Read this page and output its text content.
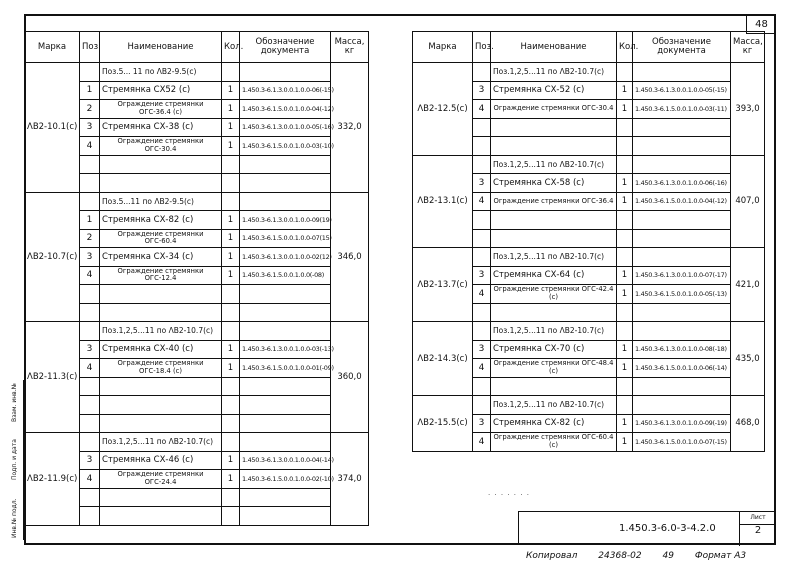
48
Марка	Поз.	Наименование	Кол.	Обозначение документа	Масса, кг
ΛВ2-10.1(с)		Поз.5... 11 по ΛВ2-9.5(с)			332,0
	1	Стремянка СХ52 (с)	1	1.450.3-6.1.3.0.0.1.0.0-06(-15)	
	2	Ограждение стремянки ОГС-36.4 (с)	1	1.450.3-6.1.5.0.0.1.0.0-04(-12)	
	3	Стремянка СХ-38 (с)	1	1.450.3-6.1.3.0.0.1.0.0-05(-16)	
	4	Ограждение стремянки ОГС-30.4	1	1.450.3-6.1.5.0.0.1.0.0-03(-10)	

ΛВ2-10.7(с)		Поз.5...11 по ΛВ2-9.5(с)			346,0
	1	Стремянка СХ-82 (с)	1	1.450.3-6.1.3.0.0.1.0.0-09(19)	
	2	Ограждение стремянки ОГС-60.4	1	1.450.3-6.1.5.0.0.1.0.0-07(15)	
	3	Стремянка СХ-34 (с)	1	1.450.3-6.1.3.0.0.1.0.0-02(12)	
	4	Ограждение стремянки ОГС-12.4	1	1.450.3-6.1.5.0.0.1.0.0(-08)	

ΛВ2-11.3(с)		Поз.1,2,5...11 по ΛВ2-10.7(с)			360,0
	3	Стремянка СХ-40 (с)	1	1.450.3-6.1.3.0.0.1.0.0-03(-13)	
	4	Ограждение стремянки ОГС-18.4 (с)	1	1.450.3-6.1.5.0.0.1.0.0-01(-09)	

ΛВ2-11.9(с)		Поз.1,2,5...11 по ΛВ2-10.7(с)			374,0
	3	Стремянка СХ-46 (с)	1	1.450.3-6.1.3.0.0.1.0.0-04(-14)	
	4	Ограждение стремянки ОГС-24.4	1	1.450.3-6.1.5.0.0.1.0.0-02(-10)	

Марка	Поз.	Наименование	Кол.	Обозначение документа	Масса, кг
ΛВ2-12.5(с)		Поз.1,2,5...11 по ΛВ2-10.7(с)			393,0
	3	Стремянка СХ-52 (с)	1	1.450.3-6.1.3.0.0.1.0.0-05(-15)	
	4	Ограждение стремянки ОГС-30.4	1	1.450.3-6.1.5.0.0.1.0.0-03(-11)	

ΛВ2-13.1(с)		Поз.1,2,5...11 по ΛВ2-10.7(с)			407,0
	3	Стремянка СХ-58 (с)	1	1.450.3-6.1.3.0.0.1.0.0-06(-16)	
	4	Ограждение стремянки ОГС-36.4	1	1.450.3-6.1.5.0.0.1.0.0-04(-12)	

ΛВ2-13.7(с)		Поз.1,2,5...11 по ΛВ2-10.7(с)			421,0
	3	Стремянка СХ-64 (с)	1	1.450.3-6.1.3.0.0.1.0.0-07(-17)	
	4	Ограждение стремянки ОГС-42.4 (с)	1	1.450.3-6.1.5.0.0.1.0.0-05(-13)	

ΛВ2-14.3(с)		Поз.1,2,5...11 по ΛВ2-10.7(с)			435,0
	3	Стремянка СХ-70 (с)	1	1.450.3-6.1.3.0.0.1.0.0-08(-18)	
	4	Ограждение стремянки ОГС-48.4 (с)	1	1.450.3-6.1.5.0.0.1.0.0-06(-14)	

ΛВ2-15.5(с)		Поз.1,2,5...11 по ΛВ2-10.7(с)			468,0
	3	Стремянка СХ-82 (с)	1	1.450.3-6.1.3.0.0.1.0.0-09(-19)	
	4	Ограждение стремянки ОГС-60.4 (с)	1	1.450.3-6.1.5.0.0.1.0.0-07(-15)	
Инв.№ подл.
Подп. и дата
Взам. инв.№
· · · · · · ·
1.450.3-6.0-3-4.2.0
Лист
2
Копировал 24368-02 49 Формат А3
